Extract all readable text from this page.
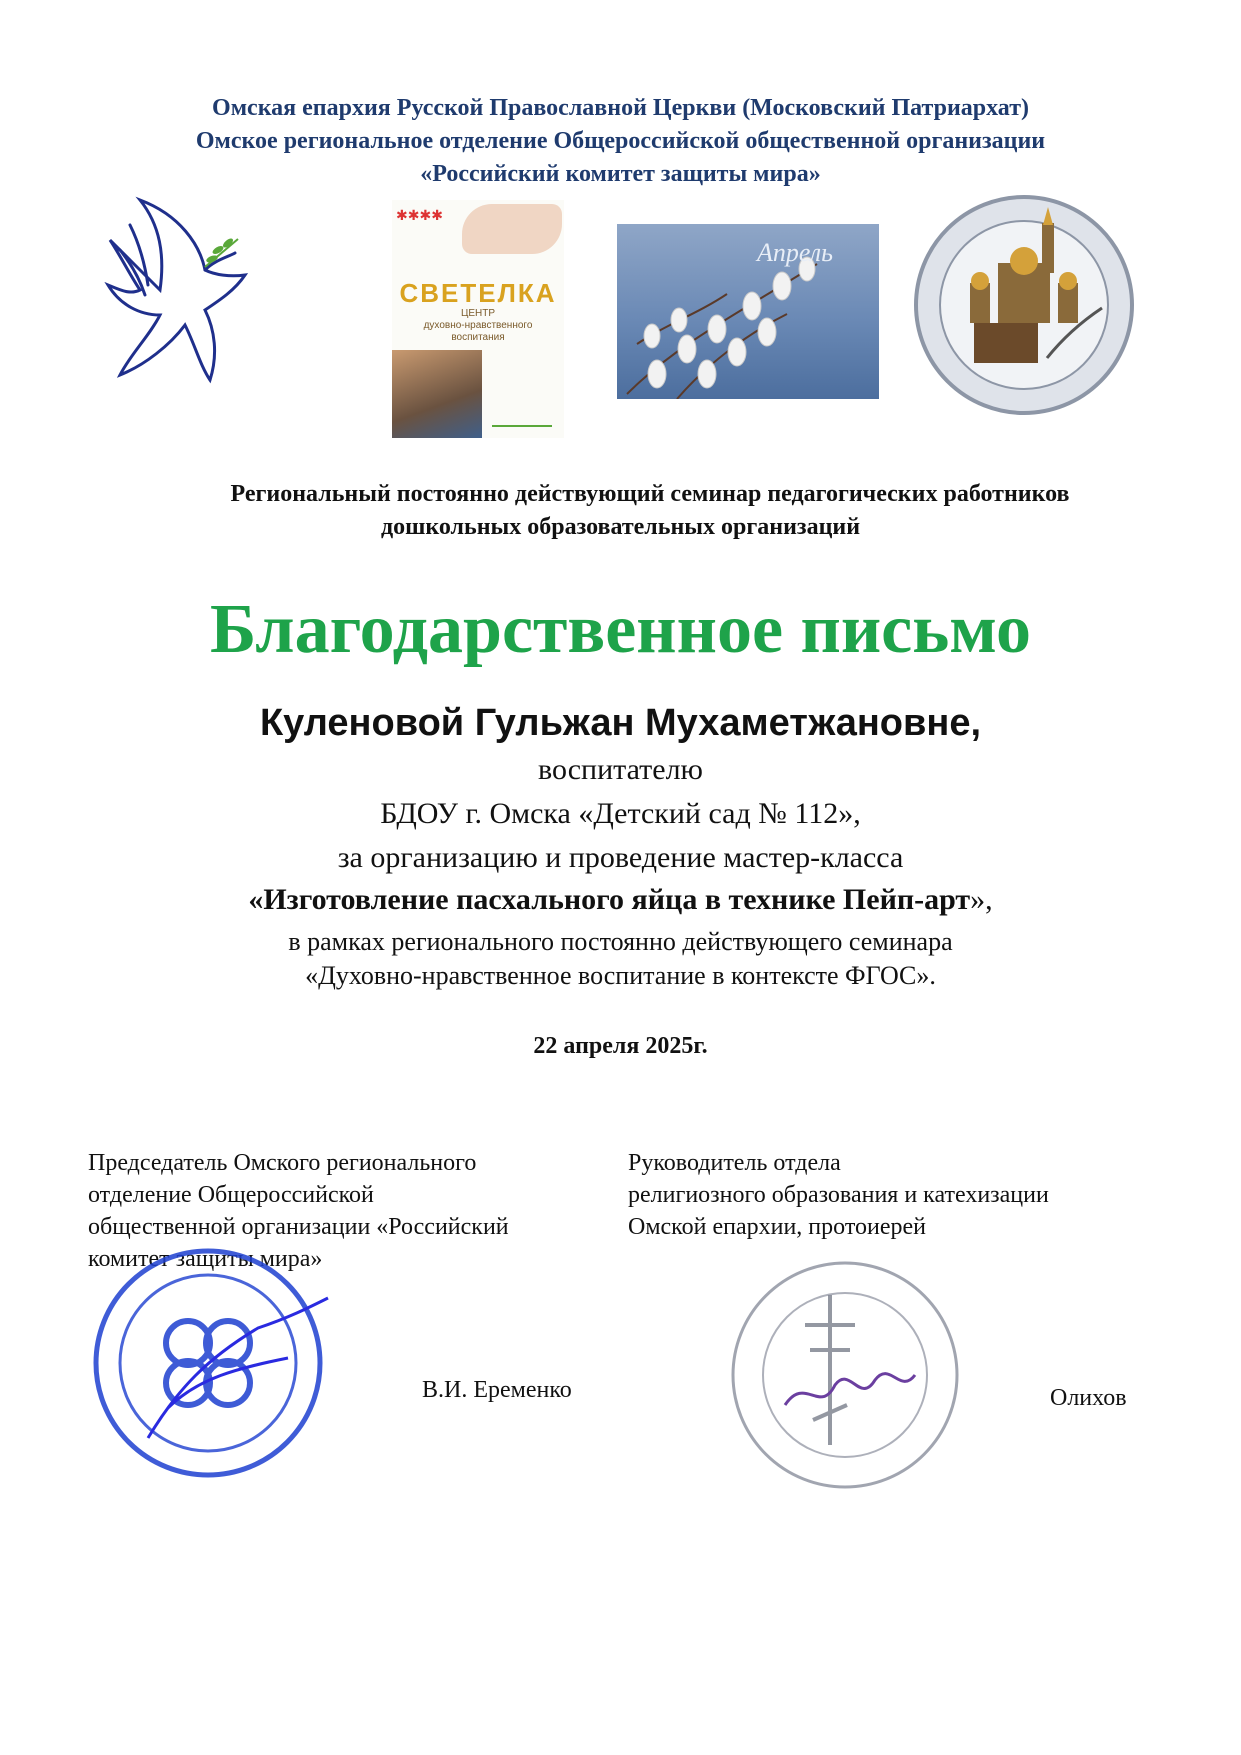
Омская епархия Русской Православной Церкви (Московский Патриархат)
Омское региональное отделение Общероссийской общественной организации
«Российский комитет защиты мира»
✱✱✱✱
СВЕТЕЛКА
ЦЕНТР
духовно-нравственного
воспитания
Апрель
Региональный постоянно действующий семинар педагогических работников
дошкольных образовательных организаций
Благодарственное письмо
Куленовой Гульжан Мухаметжановне,
воспитателю
БДОУ г. Омска «Детский сад № 112»,
за организацию и проведение мастер-класса
«Изготовление пасхального яйца в технике Пейп-арт»,
в рамках регионального постоянно действующего семинара
«Духовно-нравственное воспитание в контексте ФГОС».
22 апреля 2025г.
Председатель Омского регионального
отделение Общероссийской
общественной организации «Российский
комитет защиты мира»
В.И. Еременко
Руководитель отдела
религиозного образования и катехизации
Омской епархии, протоиерей
Олихов
